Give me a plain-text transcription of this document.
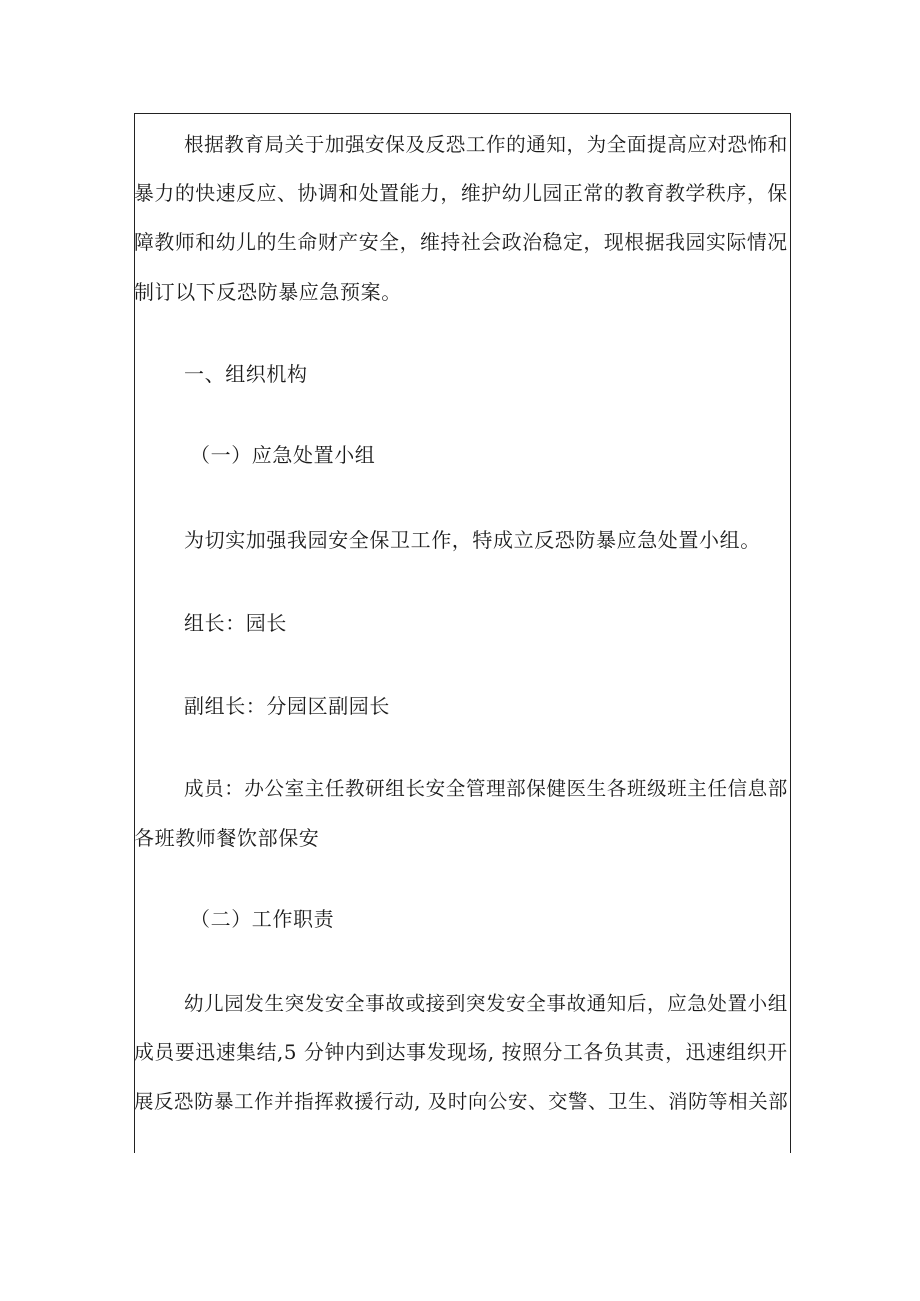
根据教育局关于加强安保及反恐工作的通知，为全面提高应对恐怖和
暴力的快速反应、协调和处置能力，维护幼儿园正常的教育教学秩序，保
障教师和幼儿的生命财产安全，维持社会政治稳定，现根据我园实际情况
制订以下反恐防暴应急预案。
一、组织机构
（一）应急处置小组
为切实加强我园安全保卫工作，特成立反恐防暴应急处置小组。
组长：园长
副组长：分园区副园长
成员：办公室主任教研组长安全管理部保健医生各班级班主任信息部
各班教师餐饮部保安
（二）工作职责
幼儿园发生突发安全事故或接到突发安全事故通知后，应急处置小组
成员要迅速集结,5 分钟内到达事发现场, 按照分工各负其责，迅速组织开
展反恐防暴工作并指挥救援行动, 及时向公安、交警、卫生、消防等相关部
